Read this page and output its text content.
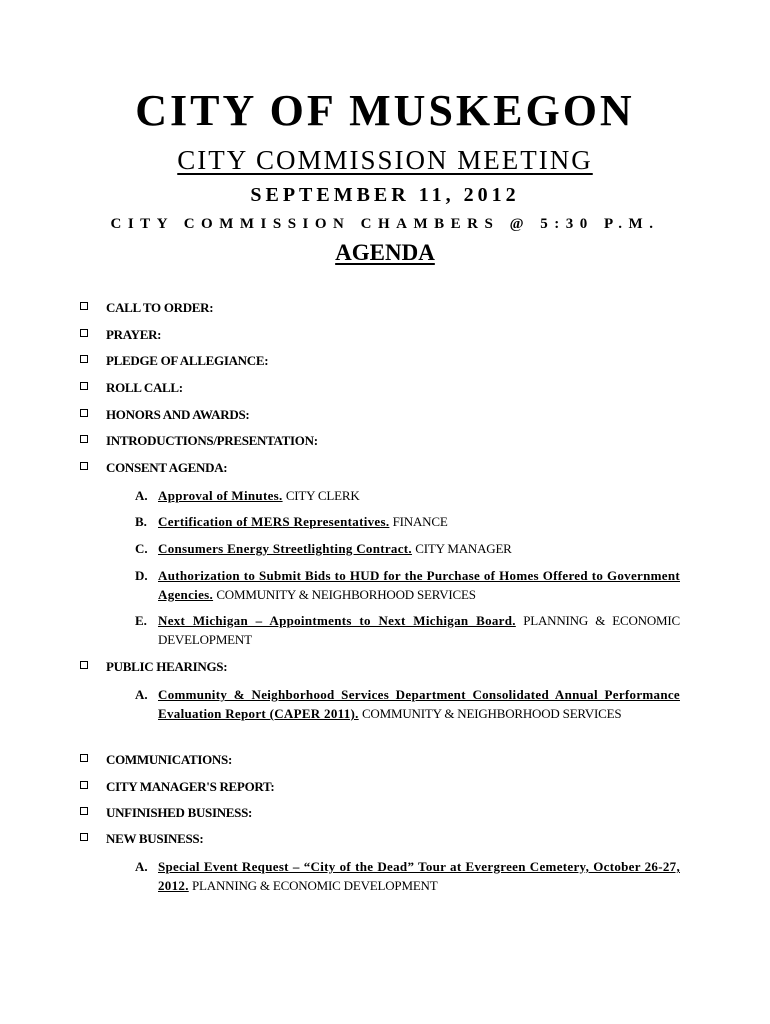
CITY OF MUSKEGON
CITY COMMISSION MEETING
SEPTEMBER 11, 2012
CITY COMMISSION CHAMBERS @ 5:30 P.M.
AGENDA
CALL TO ORDER:
PRAYER:
PLEDGE OF ALLEGIANCE:
ROLL CALL:
HONORS AND AWARDS:
INTRODUCTIONS/PRESENTATION:
CONSENT AGENDA:
A. Approval of Minutes. CITY CLERK
B. Certification of MERS Representatives. FINANCE
C. Consumers Energy Streetlighting Contract. CITY MANAGER
D. Authorization to Submit Bids to HUD for the Purchase of Homes Offered to Government Agencies. COMMUNITY & NEIGHBORHOOD SERVICES
E. Next Michigan – Appointments to Next Michigan Board. PLANNING & ECONOMIC DEVELOPMENT
PUBLIC HEARINGS:
A. Community & Neighborhood Services Department Consolidated Annual Performance Evaluation Report (CAPER 2011). COMMUNITY & NEIGHBORHOOD SERVICES
COMMUNICATIONS:
CITY MANAGER'S REPORT:
UNFINISHED BUSINESS:
NEW BUSINESS:
A. Special Event Request – “City of the Dead” Tour at Evergreen Cemetery, October 26-27, 2012. PLANNING & ECONOMIC DEVELOPMENT
